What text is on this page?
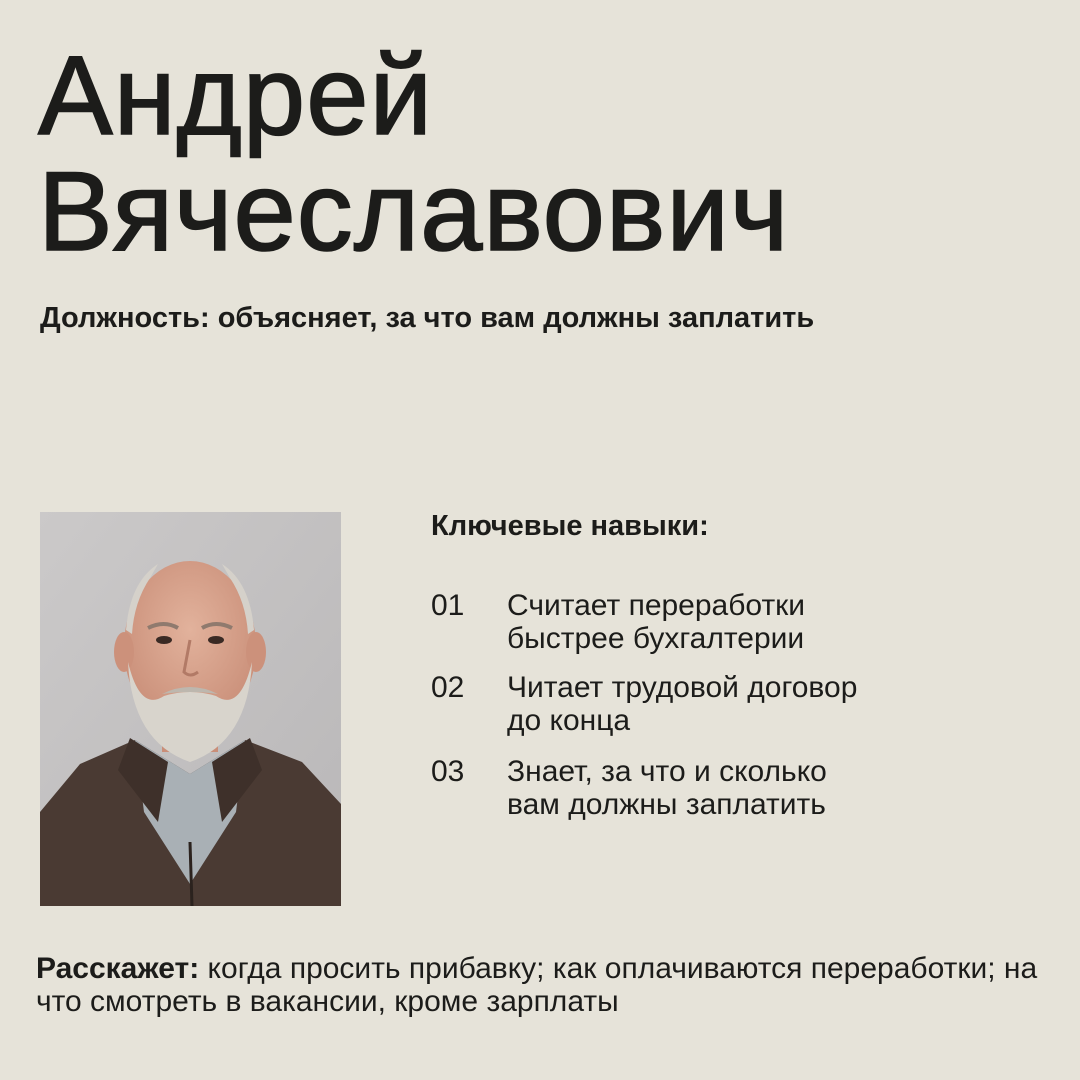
Андрей
Вячеславович
Должность: объясняет, за что вам должны заплатить
Ключевые навыки:
01	Считает переработки
быстрее бухгалтерии
02	Читает трудовой договор
до конца
03	Знает, за что и сколько
вам должны заплатить
Расскажет: когда просить прибавку; как оплачиваются переработки; на что смотреть в вакансии, кроме зарплаты
